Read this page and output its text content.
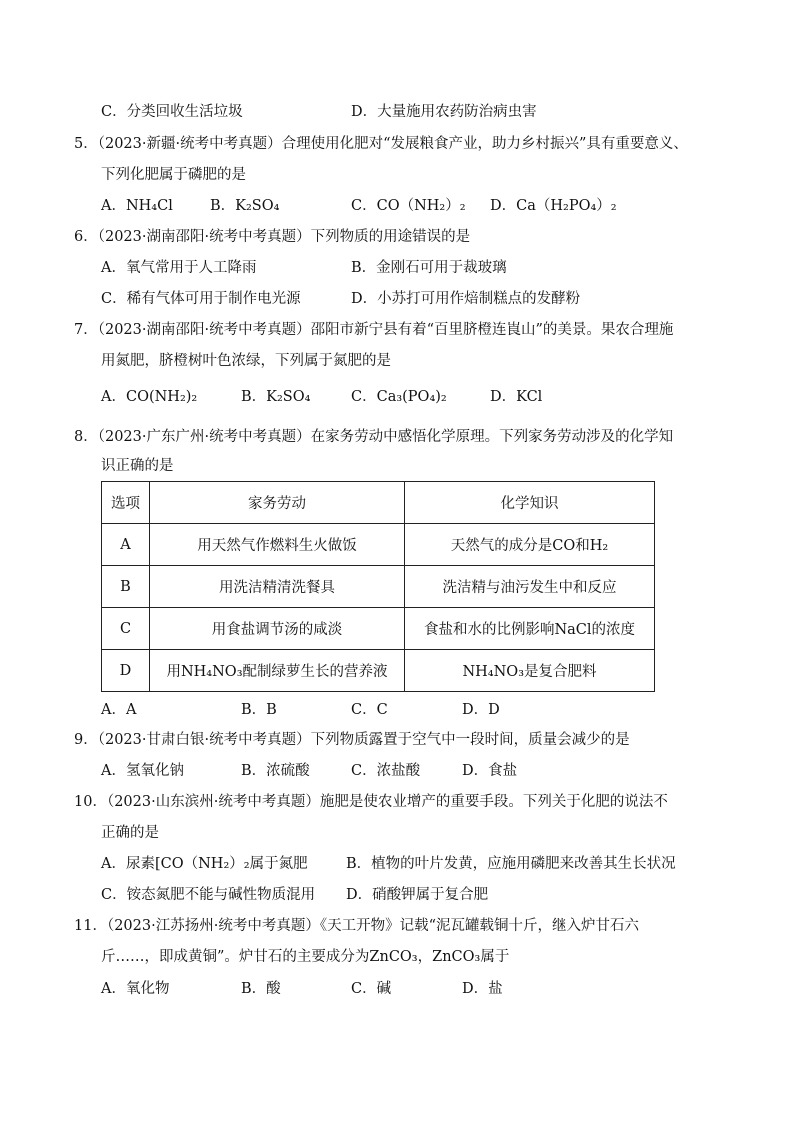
C．分类回收生活垃圾	D．大量施用农药防治病虫害
5．（2023·新疆·统考中考真题）合理使用化肥对“发展粮食产业，助力乡村振兴”具有重要意义、
下列化肥属于磷肥的是
A．NH₄Cl	B．K₂SO₄	C．CO（NH₂）₂ D．Ca（H₂PO₄）₂
6．（2023·湖南邵阳·统考中考真题）下列物质的用途错误的是
A．氧气常用于人工降雨	B．金刚石可用于裁玻璃
C．稀有气体可用于制作电光源	D．小苏打可用作焙制糕点的发酵粉
7．（2023·湖南邵阳·统考中考真题）邵阳市新宁县有着“百里脐橙连崀山”的美景。果农合理施
用氮肥，脐橙树叶色浓绿，下列属于氮肥的是
A．CO(NH₂)₂	B．K₂SO₄	C．Ca₃(PO₄)₂	D．KCl
8．（2023·广东广州·统考中考真题）在家务劳动中感悟化学原理。下列家务劳动涉及的化学知
识正确的是
选项	家务劳动	化学知识
A	用天然气作燃料生火做饭	天然气的成分是CO和H₂
B	用洗洁精清洗餐具	洗洁精与油污发生中和反应
C	用食盐调节汤的咸淡	食盐和水的比例影响NaCl的浓度
D	用NH₄NO₃配制绿萝生长的营养液	NH₄NO₃是复合肥料
A．A	B．B	C．C	D．D
9．（2023·甘肃白银·统考中考真题）下列物质露置于空气中一段时间，质量会减少的是
A．氢氧化钠	B．浓硫酸	C．浓盐酸	D．食盐
10．（2023·山东滨州·统考中考真题）施肥是使农业增产的重要手段。下列关于化肥的说法不
正确的是
A．尿素[CO（NH₂）₂属于氮肥	B．植物的叶片发黄，应施用磷肥来改善其生长状况
C．铵态氮肥不能与碱性物质混用 D．硝酸钾属于复合肥
11．（2023·江苏扬州·统考中考真题）《天工开物》记载“泥瓦罐载铜十斤，继入炉甘石六
斤……，即成黄铜”。炉甘石的主要成分为ZnCO₃，ZnCO₃属于
A．氧化物	B．酸	C．碱	D．盐
